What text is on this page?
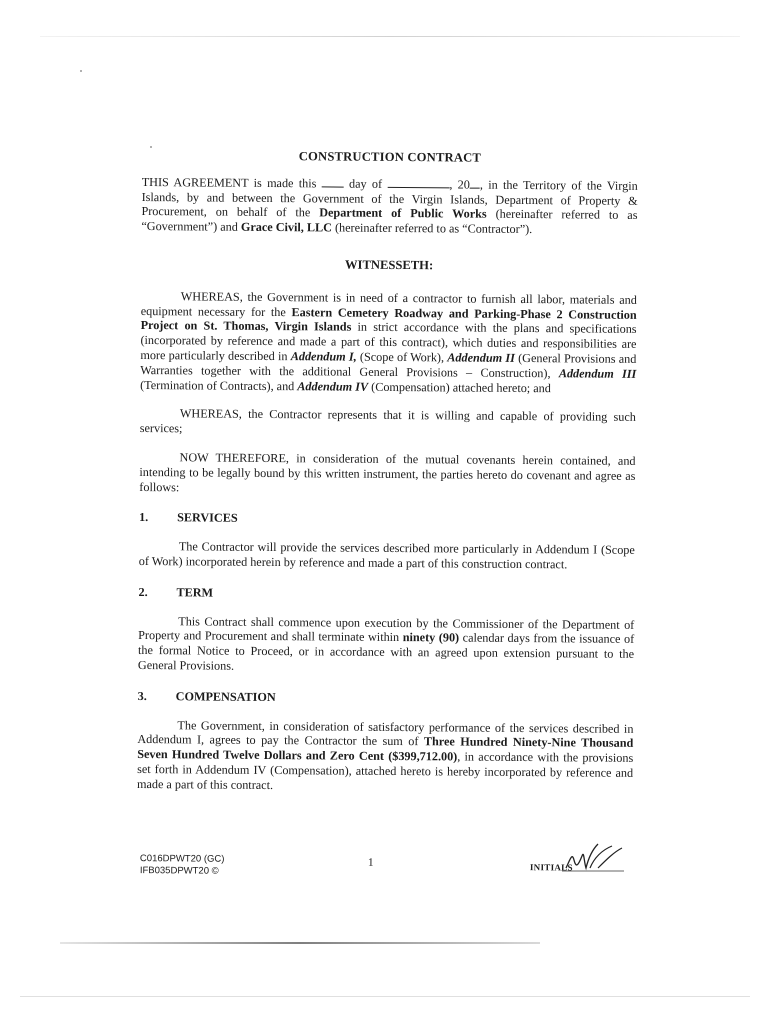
CONSTRUCTION CONTRACT

THIS AGREEMENT is made this  day of	, 20 , in the Territory of the Virgin Islands, by and between the Government of the Virgin Islands, Department of Property & Procurement, on behalf of the Department of Public Works (hereinafter referred to as “Government”) and Grace Civil, LLC (hereinafter referred to as “Contractor”).

WITNESSETH:

WHEREAS, the Government is in need of a contractor to furnish all labor, materials and equipment necessary for the Eastern Cemetery Roadway and Parking-Phase 2 Construction Project on St. Thomas, Virgin Islands in strict accordance with the plans and specifications (incorporated by reference and made a part of this contract), which duties and responsibilities are more particularly described in Addendum I, (Scope of Work), Addendum II (General Provisions and Warranties together with the additional General Provisions – Construction), Addendum III (Termination of Contracts), and Addendum IV (Compensation) attached hereto; and

WHEREAS, the Contractor represents that it is willing and capable of providing such services;

NOW THEREFORE, in consideration of the mutual covenants herein contained, and intending to be legally bound by this written instrument, the parties hereto do covenant and agree as follows:

1.	SERVICES

The Contractor will provide the services described more particularly in Addendum I (Scope of Work) incorporated herein by reference and made a part of this construction contract.

2.	TERM

This Contract shall commence upon execution by the Commissioner of the Department of Property and Procurement and shall terminate within ninety (90) calendar days from the issuance of the formal Notice to Proceed, or in accordance with an agreed upon extension pursuant to the General Provisions.

3.	COMPENSATION

The Government, in consideration of satisfactory performance of the services described in Addendum I, agrees to pay the Contractor the sum of Three Hundred Ninety-Nine Thousand Seven Hundred Twelve Dollars and Zero Cent ($399,712.00), in accordance with the provisions set forth in Addendum IV (Compensation), attached hereto is hereby incorporated by reference and made a part of this contract.

C016DPWT20 (GC)
IFB035DPWT20 ©
1	INITIALS
